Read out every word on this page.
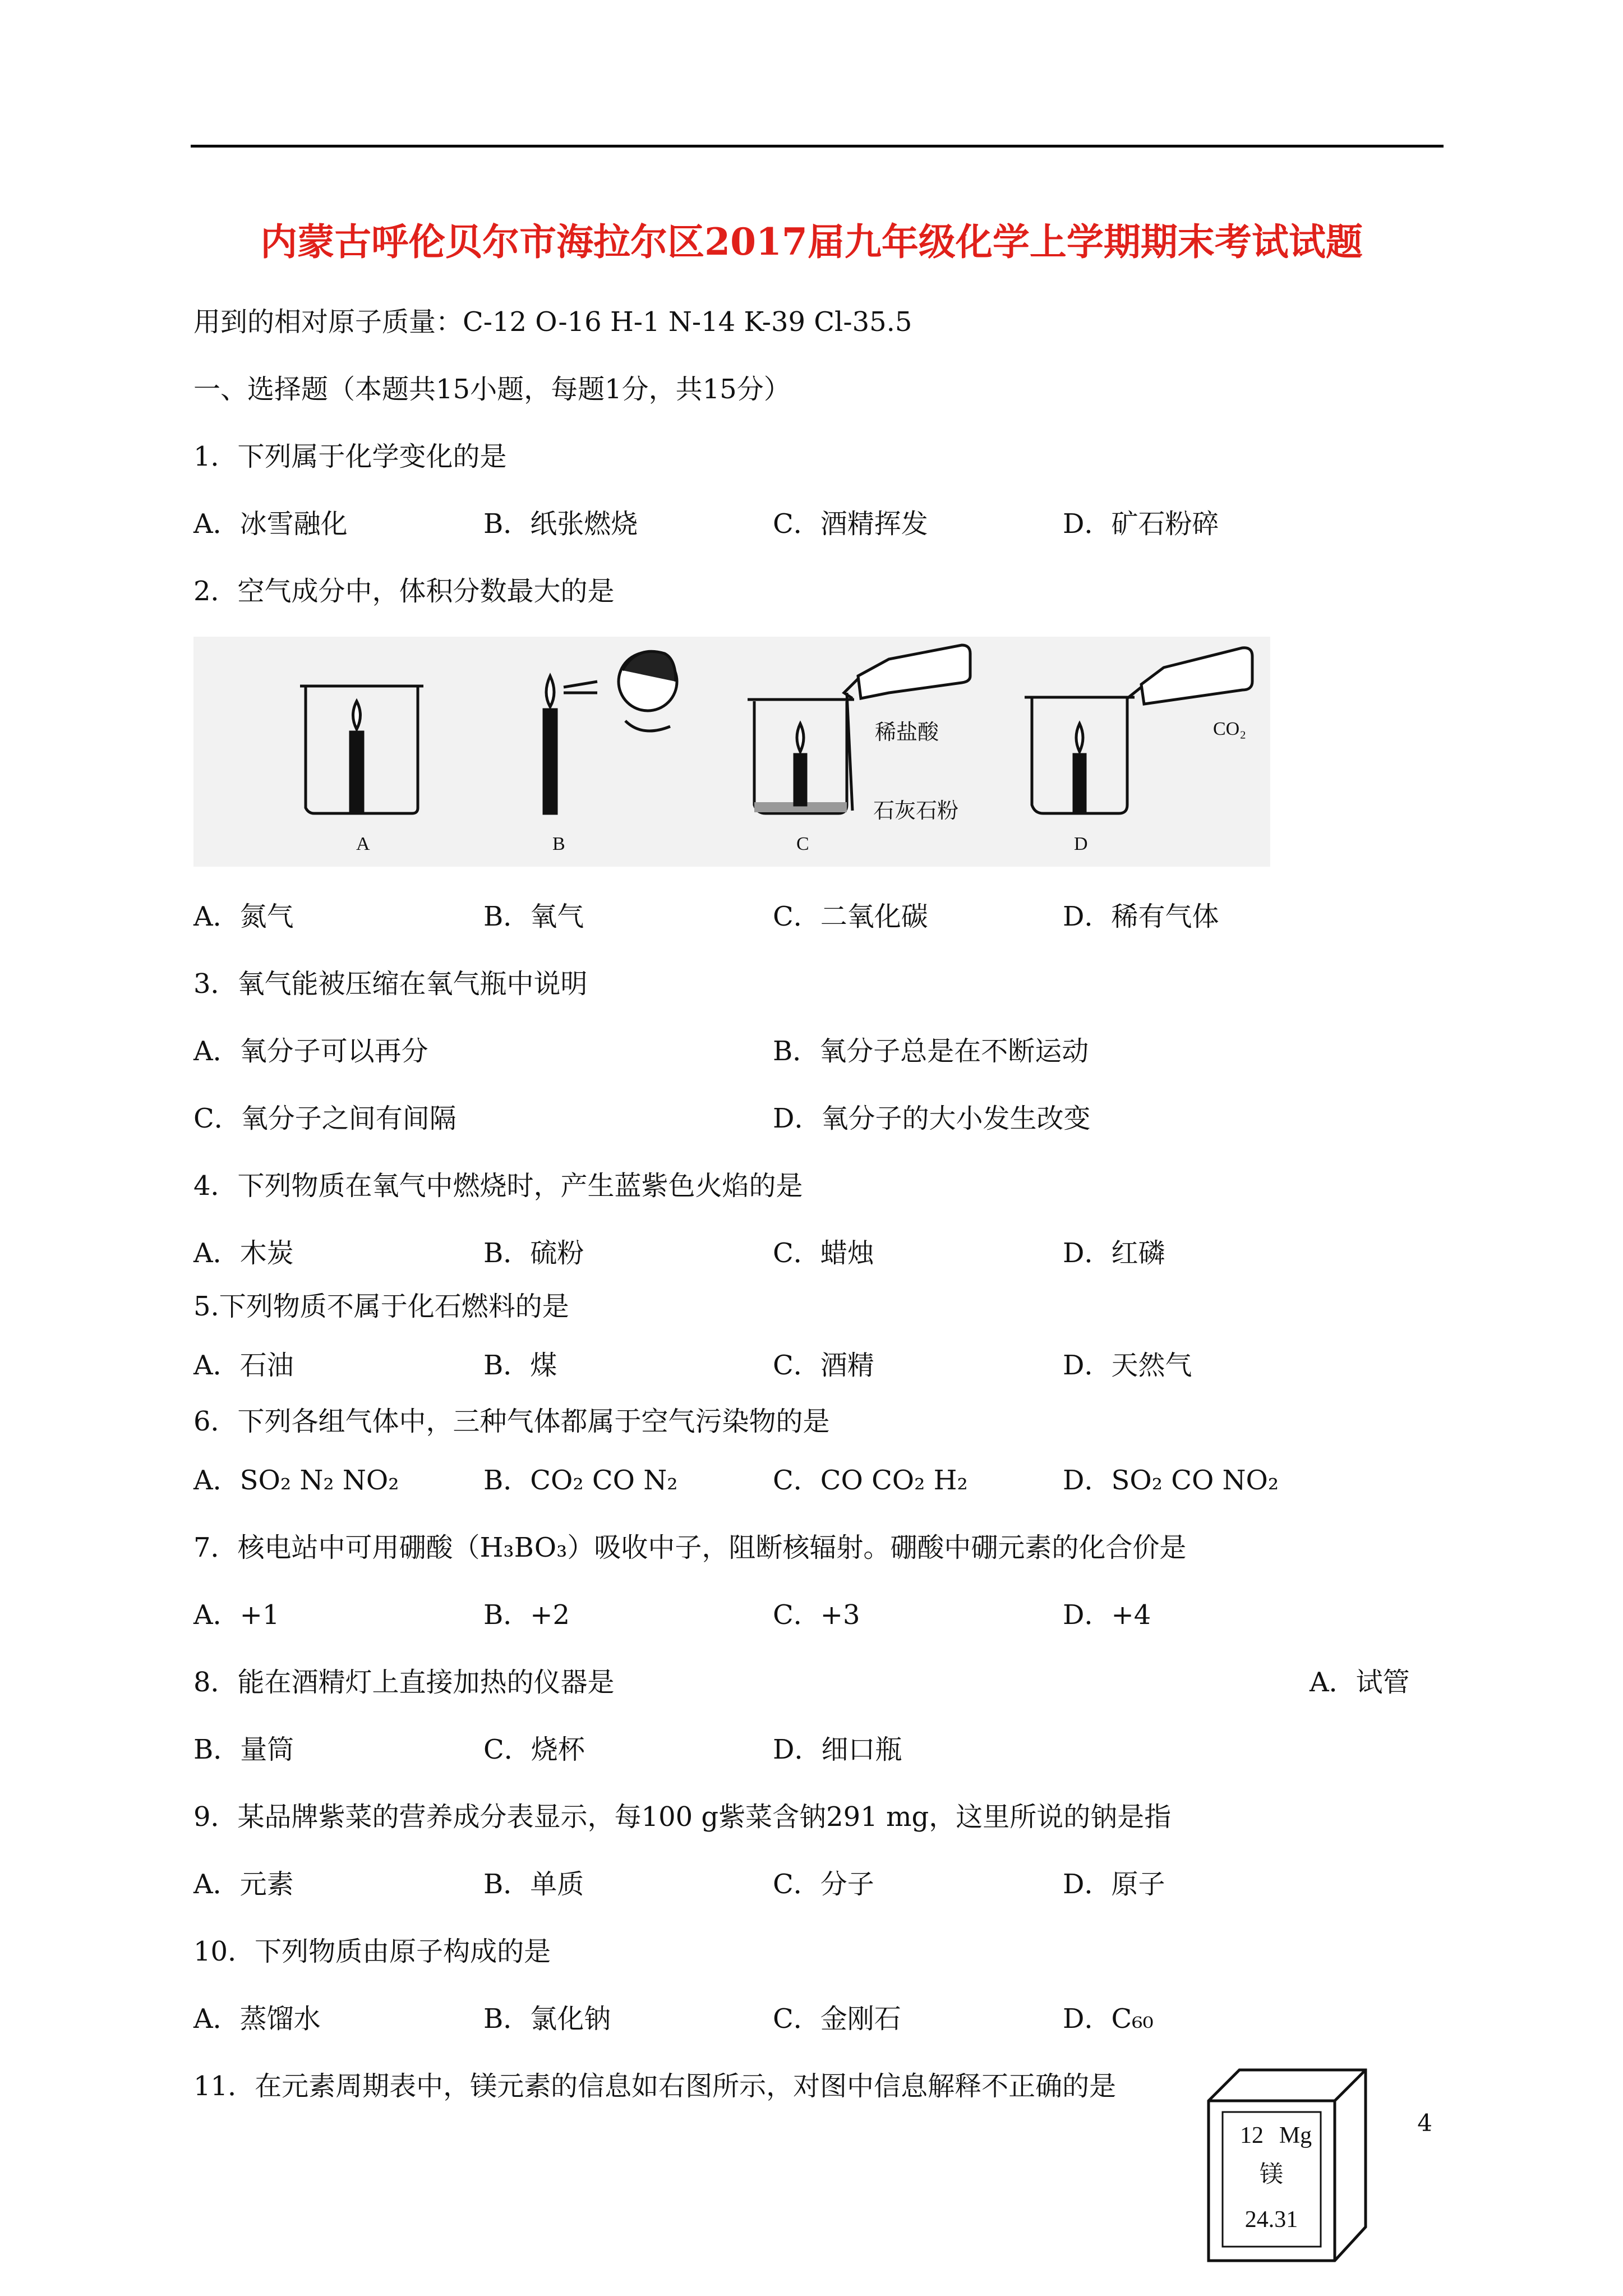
内蒙古呼伦贝尔市海拉尔区2017届九年级化学上学期期末考试试题
用到的相对原子质量：C-12 O-16 H-1 N-14 K-39 Cl-35.5
一、选择题（本题共15小题，每题1分，共15分）
1．下列属于化学变化的是
A．冰雪融化	B．纸张燃烧	C．酒精挥发	D．矿石粉碎
2．空气成分中，体积分数最大的是
A	B	C	D
稀盐酸
石灰石粉
CO₂
A．氮气	B．氧气	C．二氧化碳	D．稀有气体
3．氧气能被压缩在氧气瓶中说明
A．氧分子可以再分	B．氧分子总是在不断运动
C．氧分子之间有间隔	D．氧分子的大小发生改变
4．下列物质在氧气中燃烧时，产生蓝紫色火焰的是
A．木炭	B．硫粉	C．蜡烛	D．红磷
5.下列物质不属于化石燃料的是
A．石油	B．煤	C．酒精	D．天然气
6．下列各组气体中，三种气体都属于空气污染物的是
A．SO₂ N₂ NO₂	B．CO₂ CO N₂	C．CO CO₂ H₂	D．SO₂ CO NO₂
7．核电站中可用硼酸（H₃BO₃）吸收中子，阻断核辐射。硼酸中硼元素的化合价是
A．+1	B．+2	C．+3	D．+4
8．能在酒精灯上直接加热的仪器是	A．试管
B．量筒	C．烧杯	D．细口瓶
9．某品牌紫菜的营养成分表显示，每100 g紫菜含钠291 mg，这里所说的钠是指
A．元素	B．单质	C．分子	D．原子
10．下列物质由原子构成的是
A．蒸馏水	B．氯化钠	C．金刚石	D．C₆₀
11．在元素周期表中，镁元素的信息如右图所示，对图中信息解释不正确的是
12 Mg
镁
24.31
4
